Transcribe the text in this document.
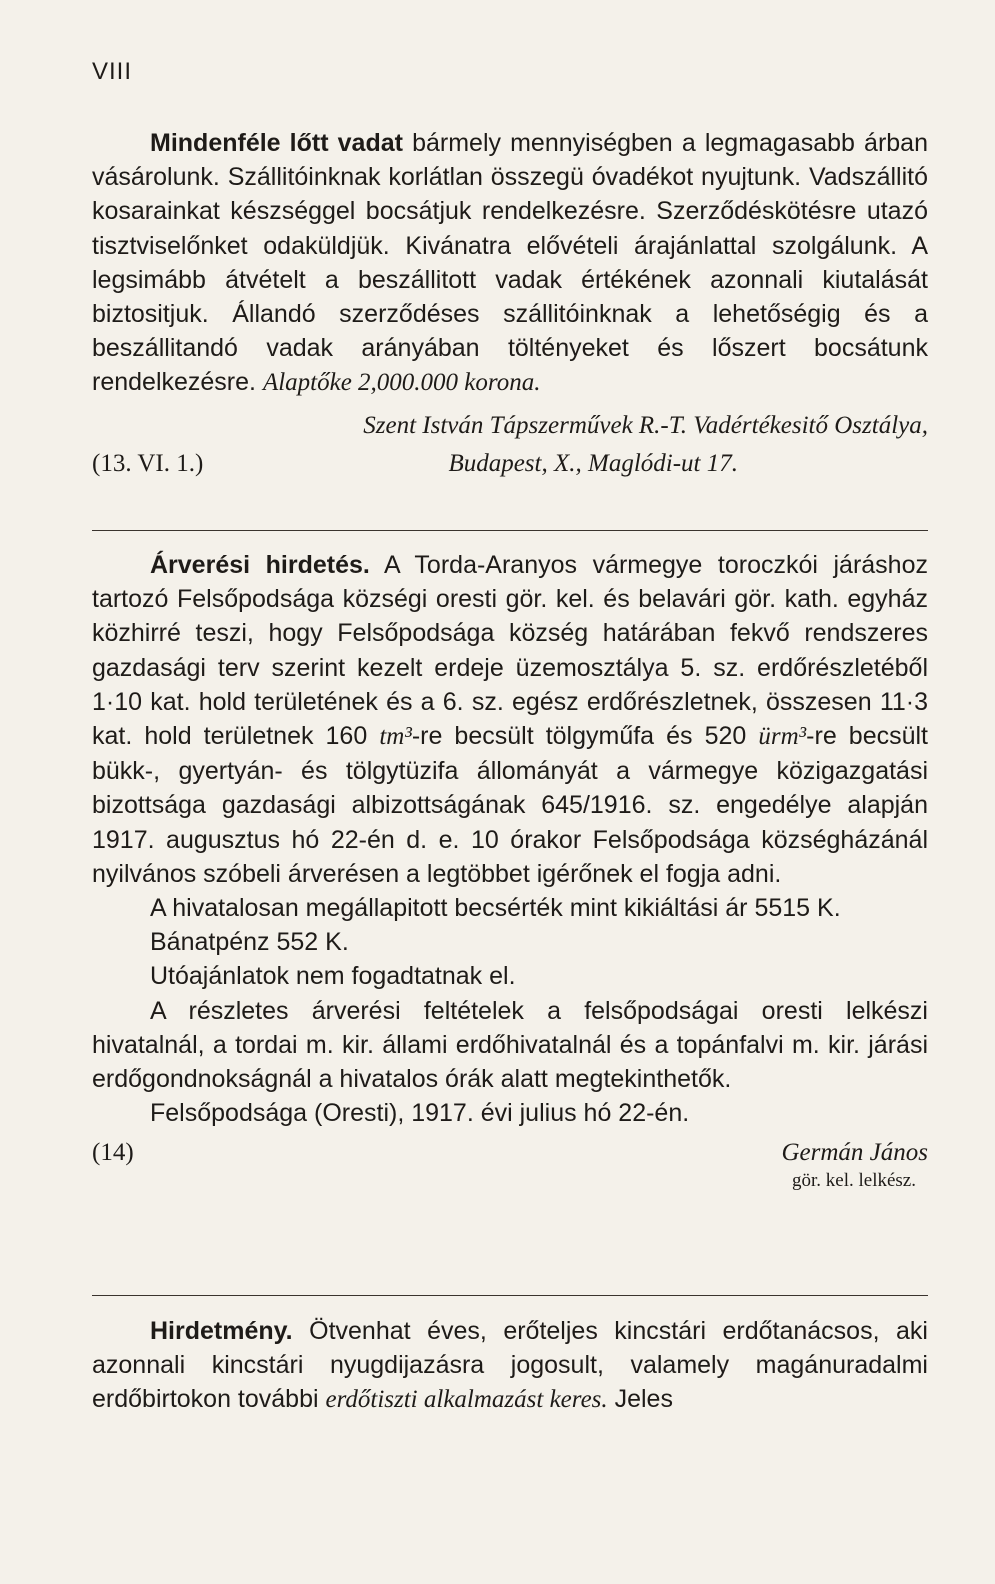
VIII

Mindenféle lőtt vadat bármely mennyiségben a legmagasabb árban vásárolunk. Szállitóinknak korlátlan összegü óvadékot nyujtunk. Vadszállitó kosarainkat készséggel bocsátjuk rendelkezésre. Szerződéskötésre utazó tisztviselőnket odaküldjük. Kivánatra elővételi árajánlattal szolgálunk. A legsimább átvételt a beszállitott vadak értékének azonnali kiutalását biztositjuk. Állandó szerződéses szállitóinknak a lehetőségig és a beszállitandó vadak arányában töltényeket és lőszert bocsátunk rendelkezésre. Alaptőke 2,000.000 korona.

Szent István Tápszerművek R.-T. Vadértékesitő Osztálya,
(13. VI. 1.)	Budapest, X., Maglódi-ut 17.

Árverési hirdetés. A Torda-Aranyos vármegye toroczkói járáshoz tartozó Felsőpodsága községi oresti gör. kel. és belavári gör. kath. egyház közhirré teszi, hogy Felsőpodsága község határában fekvő rendszeres gazdasági terv szerint kezelt erdeje üzemosztálya 5. sz. erdőrészletéből 1·10 kat. hold területének és a 6. sz. egész erdőrészletnek, összesen 11·3 kat. hold területnek 160 tm³-re becsült tölgyműfa és 520 ürm³-re becsült bükk-, gyertyán- és tölgytüzifa állományát a vármegye közigazgatási bizottsága gazdasági albizottságának 645/1916. sz. engedélye alapján 1917. augusztus hó 22-én d. e. 10 órakor Felsőpodsága községházánál nyilvános szóbeli árverésen a legtöbbet igérőnek el fogja adni.

A hivatalosan megállapitott becsérték mint kikiáltási ár 5515 K.

Bánatpénz 552 K.

Utóajánlatok nem fogadtatnak el.

A részletes árverési feltételek a felsőpodságai oresti lelkészi hivatalnál, a tordai m. kir. állami erdőhivatalnál és a topánfalvi m. kir. járási erdőgondnokságnál a hivatalos órák alatt megtekinthetők.

Felsőpodsága (Oresti), 1917. évi julius hó 22-én.

(14)	Germán János
gör. kel. lelkész.

Hirdetmény. Ötvenhat éves, erőteljes kincstári erdőtanácsos, aki azonnali kincstári nyugdijazásra jogosult, valamely magánuradalmi erdőbirtokon további erdőtiszti alkalmazást keres. Jeles
